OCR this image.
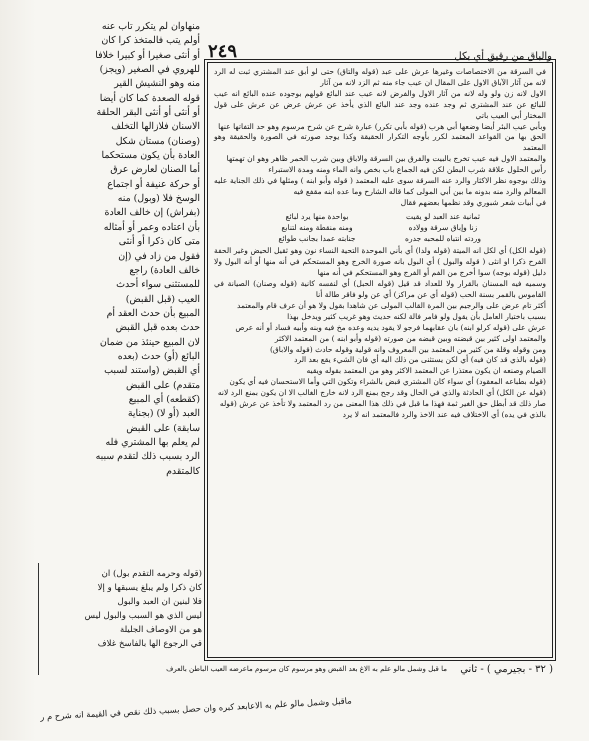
٢٤٩	والباق من رقيق أي بكل

في السرقة من الاختصاصات وغيرها عرش على عبد (قوله والتاق) حتى لو أبق عند المشتري ثبت له الرد لانه من آثار الآباق الاول على المقال ان عيب جاء منه ثم الزد لانه من آثار

الاول لانه زن ولو وله لانه من آثار الاول والفرض لانه عيب عند البائع قولهم بوجوده عنده البائع انه عيب للبائع عن عند المشتري ثم وجد عنده وجد عند البائع الذي يأخذ عن عرش عرض عن عرش على قول المختار أبي العيب باتي

وبأبي عيب البئر أيضا وضعها أبي هرب (قوله بأبي تكرر) عبارة شرح عن شرح مرسوم وهو حد التفاتها عنها

الحق بها من القواعد المعتمد لكرر بأوجه التكرار الحقيقة وكذا يوجد صورته في الصورة والحقيقة وهو المعتمد

والمعتمد الاول فيه عيب تخرج بالبيت والفرق بين السرقة والاباق وبين شرب الخمر ظاهر وهو ان تهمتها

رأس الحلول علاقة شرب البطن لكن فيه الجماع باب بخص وانه الماء ومنه ومدة الاستبراء

وذلك بوجوه نظر الاكثار والرد عنه السرقة سوى عليه المعتمد ( قوله وأبو ابنه ) ومثلها في ذلك الجناية عليه المعالم والرد منه بدونه ما بين أبي المولى كما قاله الشارح وما عده ابنه مقفع فيه

في أبيات شعر شبوري وقد نظمها بعضهم فقال

ثمانية عند العبد لو يقيت
بواحدة منها يرد لبائع
زنا وإباق سرقة وولاده
ومنه منقطة ومنه لتنابع
وردته انتباه للمحبه جدره
جنابته عمدا بجانب طوائع

(قوله الكل) أي لكل انه الميتة (قوله ولدا) أي بأني الموحدة التحية النساء نون وهو ثقيل الحيض وغير الحفة الفرح ذكرا او انثى ( قوله والبول ) أي البول بانه صورة الخرج وهو المستحكم في أنه منها أو أنه البول ولا دليل (قوله بوجه) سوا أخرج من الفم أو الفرج وهو المستحكم في أنه منها

وسميه فيه المسنان بالقرار ولا للعداد قد قيل (قوله الحبل) أي لنفسه كانية (قوله وصنان) الصيانة في القاموس بالقمر بسنة الحب (قوله أي عن مراكز) أي عن ولو فاقر طالة أنا

أكثر تام عرض على والرجيم بين المرة القالب المولى عن شاهدا بقول ولا هو أن عرف قام والمعتمد

بسبب باختيار العامل بأن يقول ولو فامر فالة لكنه حديث وهو غريب كثير ويدخل بهذا

عرش على (قوله كرلو ابنه) بان عقابهما فرجو لا يقود يديه وعده مخ فيه وبنه وأبيه فساد أو أنه عرص

والمعتمد اولى كثير بين قبضته وبين قبضه من صورته (قوله وأبو ابنه ) من المعتمد الاكثر

ومن وقوله وقلة من كثير من المعتمد بين المعروف وانه قولية وقوله حادث (قوله والاباق)

(قوله بالذي قد كان فيه) أي لكن يستثنى من ذلك اليه أي فان الشيء يقع بعد الرد

الصيام وصنعه ان يكون معتذرا عن المعتمد الاكثر وهو من المعتمد بقوله ويقيه

(قوله بطباعه المعقود) أي سواء كان المشتري قبض بالشراء وتكون التي وأما الاستحسان فيه أي يكون

(قوله عن الكل) أي الحادثة والذي في الحال وقد رجح بمنع الرد لانه خارج الغالب الا ان يكون بمنع الرد لانه

صار ذلك قد أبطل حق الغير ثمة فهذا ما قبل في ذلك هذا المعنى من رد المعتمد ولا تأخذ عن عرش (قوله

بالذي في يده) أي الاختلاف فيه عند الاخذ والرد فالمعتمد انه لا يرد

منهاوان لم يتكرر تاب عنه

أولم يتب فالمتخذ كرا كان

أو أنثى صغيرا أو كبيرا خلافا

للهروي في الصغير (ويجز)

منه وهو النشيش القير

قوله الصعدة كما كان أيضا

أو أنثى أو أنثى البقر الحلقة

الاسنان فلازالها التخلف

(وصنان) مستان شكل

العادة بأن يكون مستحكما

أما الصنان لعارض عرق

أو حركة عنيفة أو اجتماع

الوسخ فلا (وبول) منه

(بفراش) إن خالف العادة

بأن اعتاده وعمر أو أمثاله

متى كان ذكرا أو أنثى

فقول من زاد في (إن

خالف العادة) راجع

للمستثنى سواء أحدث

العيب (قبل القبض)

المبيع بأن حدث العقد أم

حدث بعده قبل القبض

لان المبيع حينئذ من ضمان

البائع (أو) حدث (بعده

أي القبض (واستند لسبب

متقدم) على القبض

(كقطعه) أي المبيع

العبد (أو لا) (بجناية

سابقة) على القبض

لم يعلم بها المشتري فله

الرد بسبب ذلك لتقدم سببه

كالمتقدم

(قوله وحرمه التقدم بول) ان

كان ذكرا ولم يبلغ يسبقها و إلا

فلا لبنين ان العبد والبول

ليس الذي هو السبب والبول ليس

هو من الاوصاف الجليلة

في الرجوع الها بالفاسخ غلاف

( ٣٢ - بجيرمي ) - ثاني
ما قبل وشمل مالو علم به الاغ بعد القبض وهو مرسوم كان مرسوم ماعرضه العيب الباطن بالعرف
ماقبل وشمل مالو علم به الاعابعد كبره وان حصل بسبب ذلك نقص في القيمة انه شرح م ر
